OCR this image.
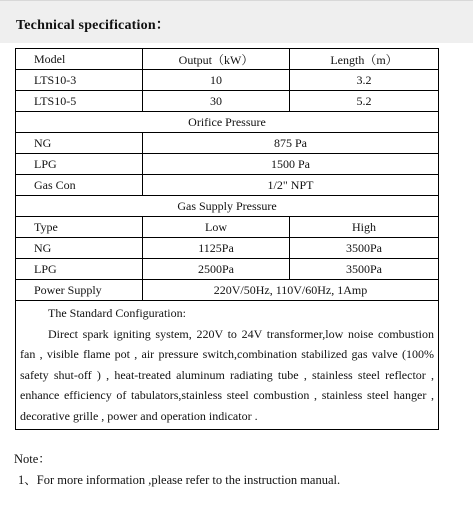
Technical specification：
Model	Output（kW）	Length（m）
LTS10-3	10	3.2
LTS10-5	30	5.2
Orifice Pressure		
NG	875 Pa	
LPG	1500 Pa	
Gas Con	1/2" NPT	
Gas Supply Pressure		
Type	Low	High
NG	1125Pa	3500Pa
LPG	2500Pa	3500Pa
Power Supply	220V/50Hz, 110V/60Hz, 1Amp	

The Standard Configuration:
Direct spark igniting system, 220V to 24V transformer,low noise combustion fan , visible flame pot , air pressure switch,combination stabilized gas valve (100% safety shut-off ) , heat-treated aluminum radiating tube , stainless steel reflector , enhance efficiency of tabulators,stainless steel combustion , stainless steel hanger , decorative grille , power and operation indicator .		
Note：
1、For more information ,please refer to the instruction manual.
